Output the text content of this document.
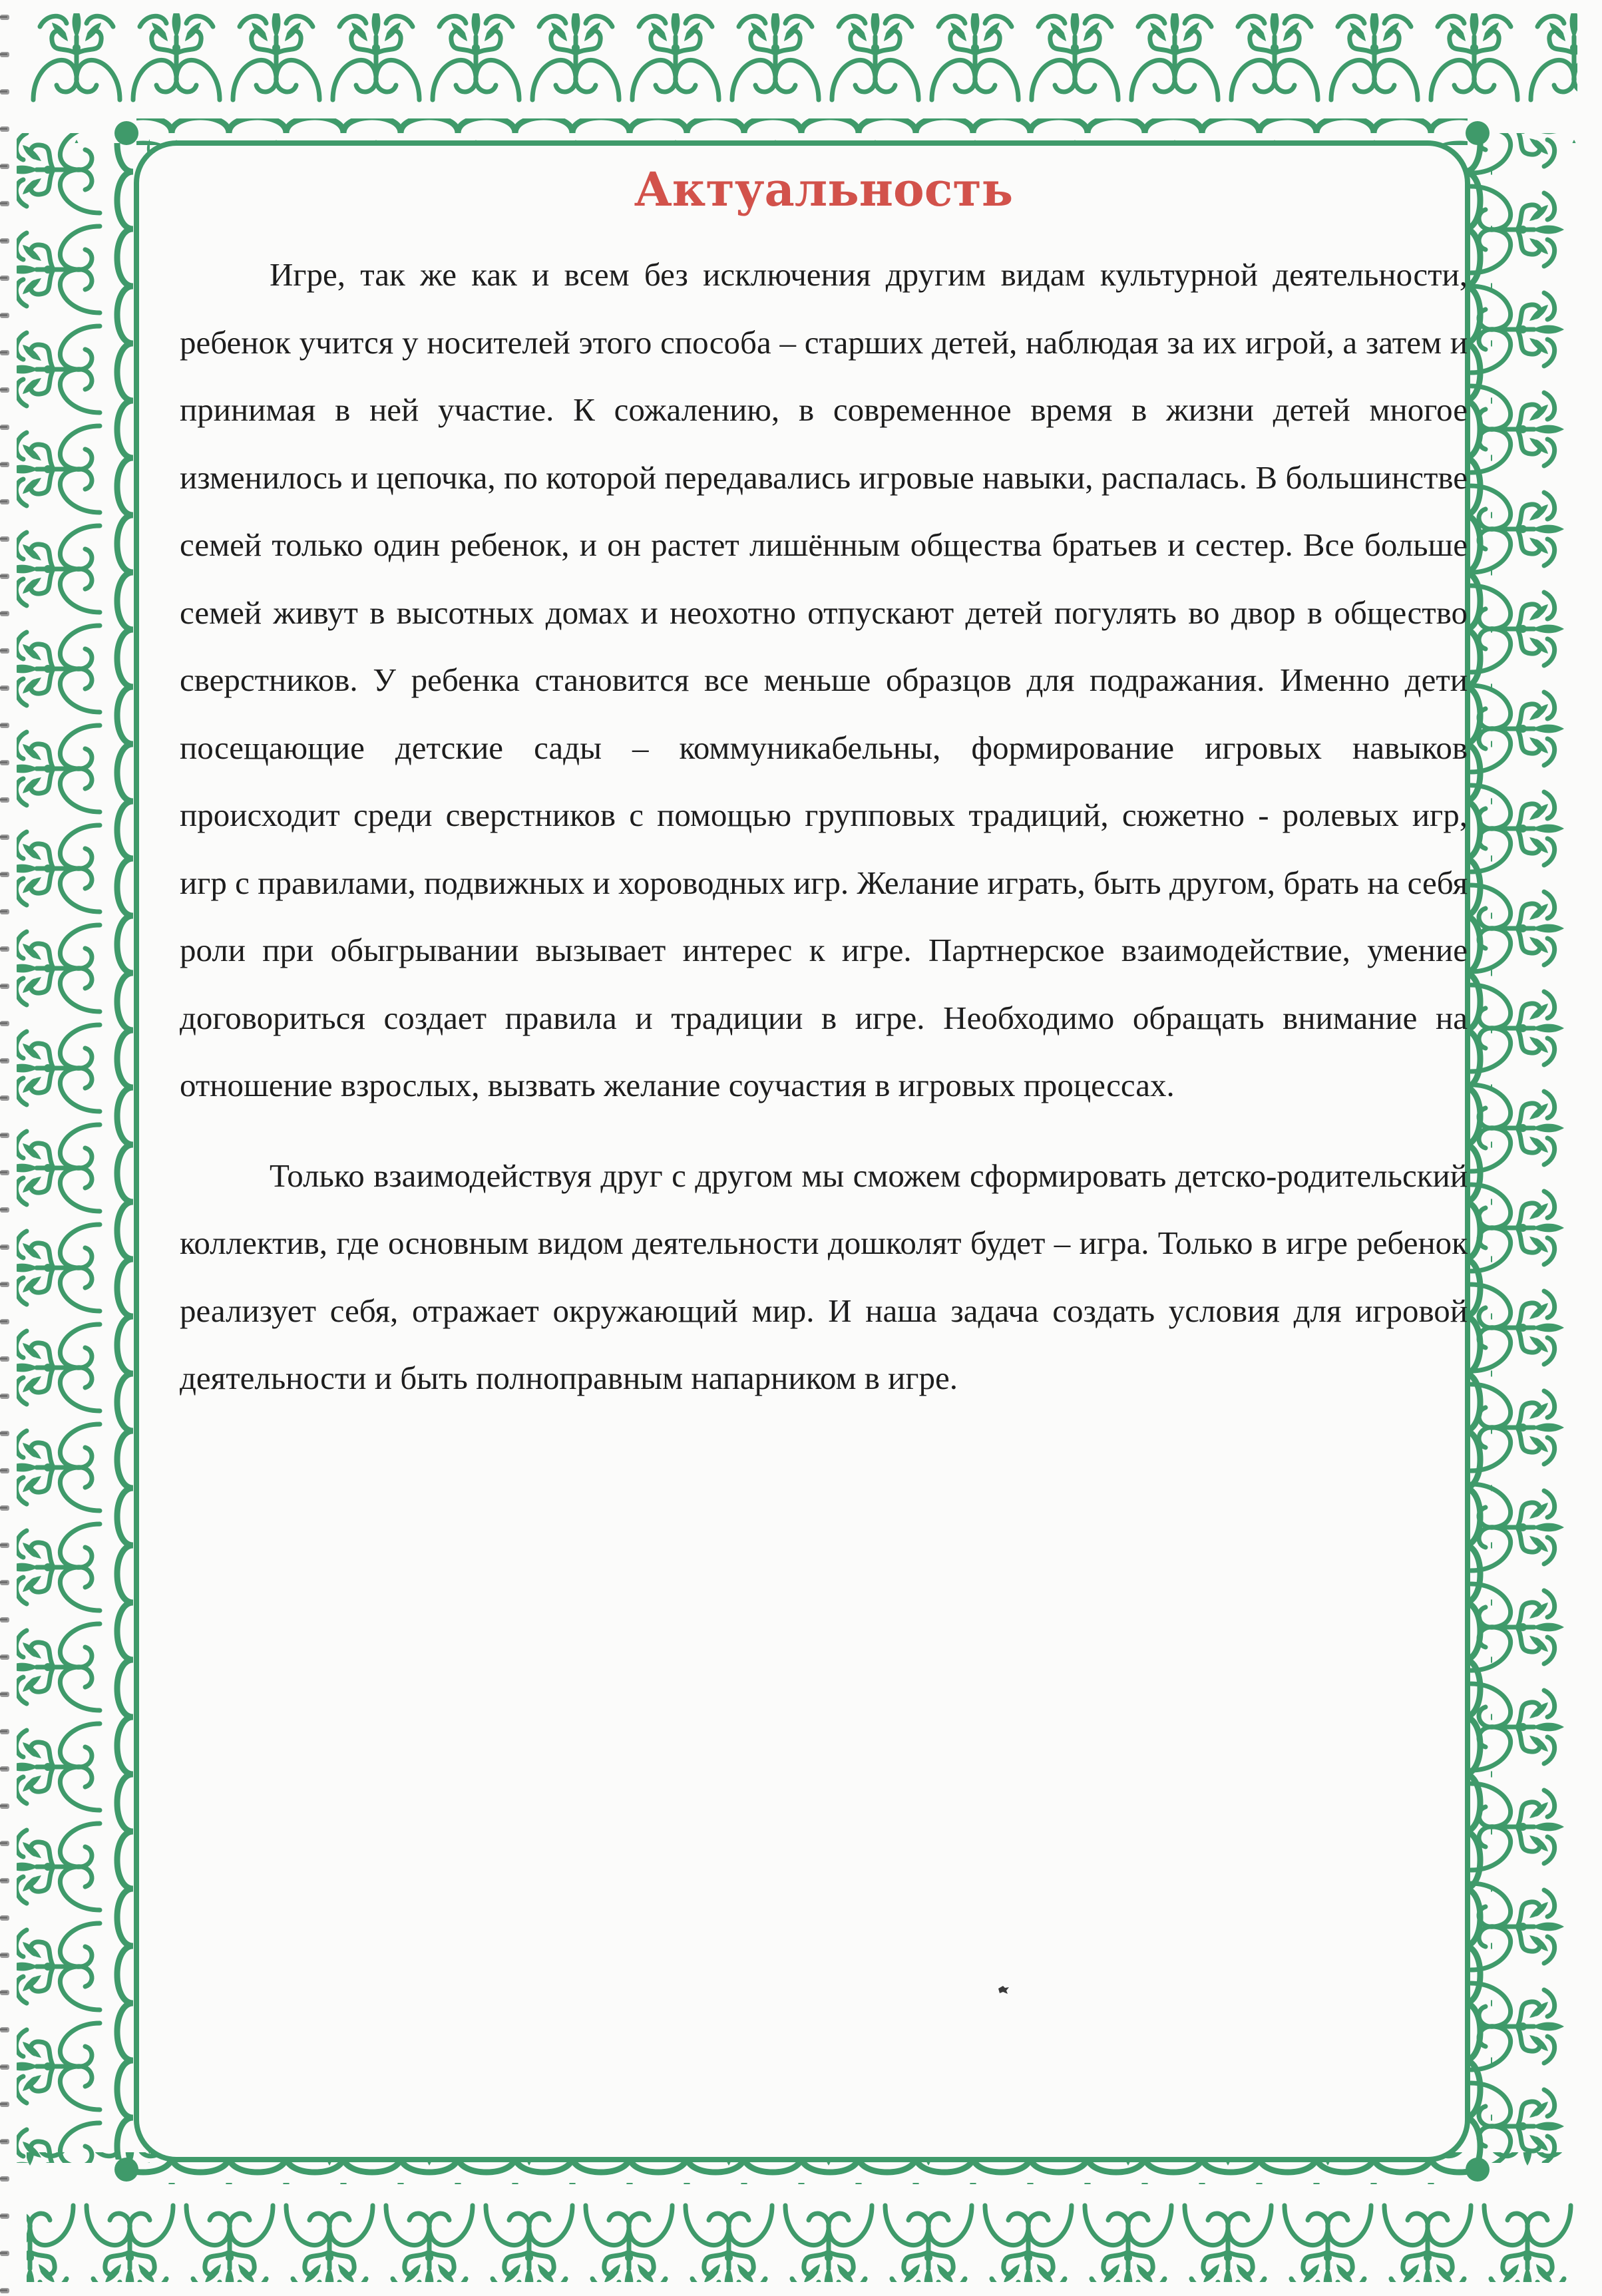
Актуальность

Игре, так же как и всем без исключения другим видам культурной деятельности, ребенок учится у носителей этого способа – старших детей, наблюдая за их игрой, а затем и принимая в ней участие. К сожалению, в современное время в жизни детей многое изменилось и цепочка, по которой передавались игровые навыки, распалась. В большинстве семей только один ребенок, и он растет лишённым общества братьев и сестер. Все больше семей живут в высотных домах и неохотно отпускают детей погулять во двор в общество сверстников. У ребенка становится все меньше образцов для подражания. Именно дети посещающие детские сады – коммуникабельны, формирование игровых навыков происходит среди сверстников с помощью групповых традиций, сюжетно - ролевых игр, игр с правилами, подвижных и хороводных игр. Желание играть, быть другом, брать на себя роли при обыгрывании вызывает интерес к игре. Партнерское взаимодействие, умение договориться создает правила и традиции в игре. Необходимо обращать внимание на отношение взрослых, вызвать желание соучастия в игровых процессах.

Только взаимодействуя друг с другом мы сможем сформировать детско-родительский коллектив, где основным видом деятельности дошколят будет – игра. Только в игре ребенок реализует себя, отражает окружающий мир. И наша задача создать условия для игровой деятельности и быть полноправным напарником в игре.
